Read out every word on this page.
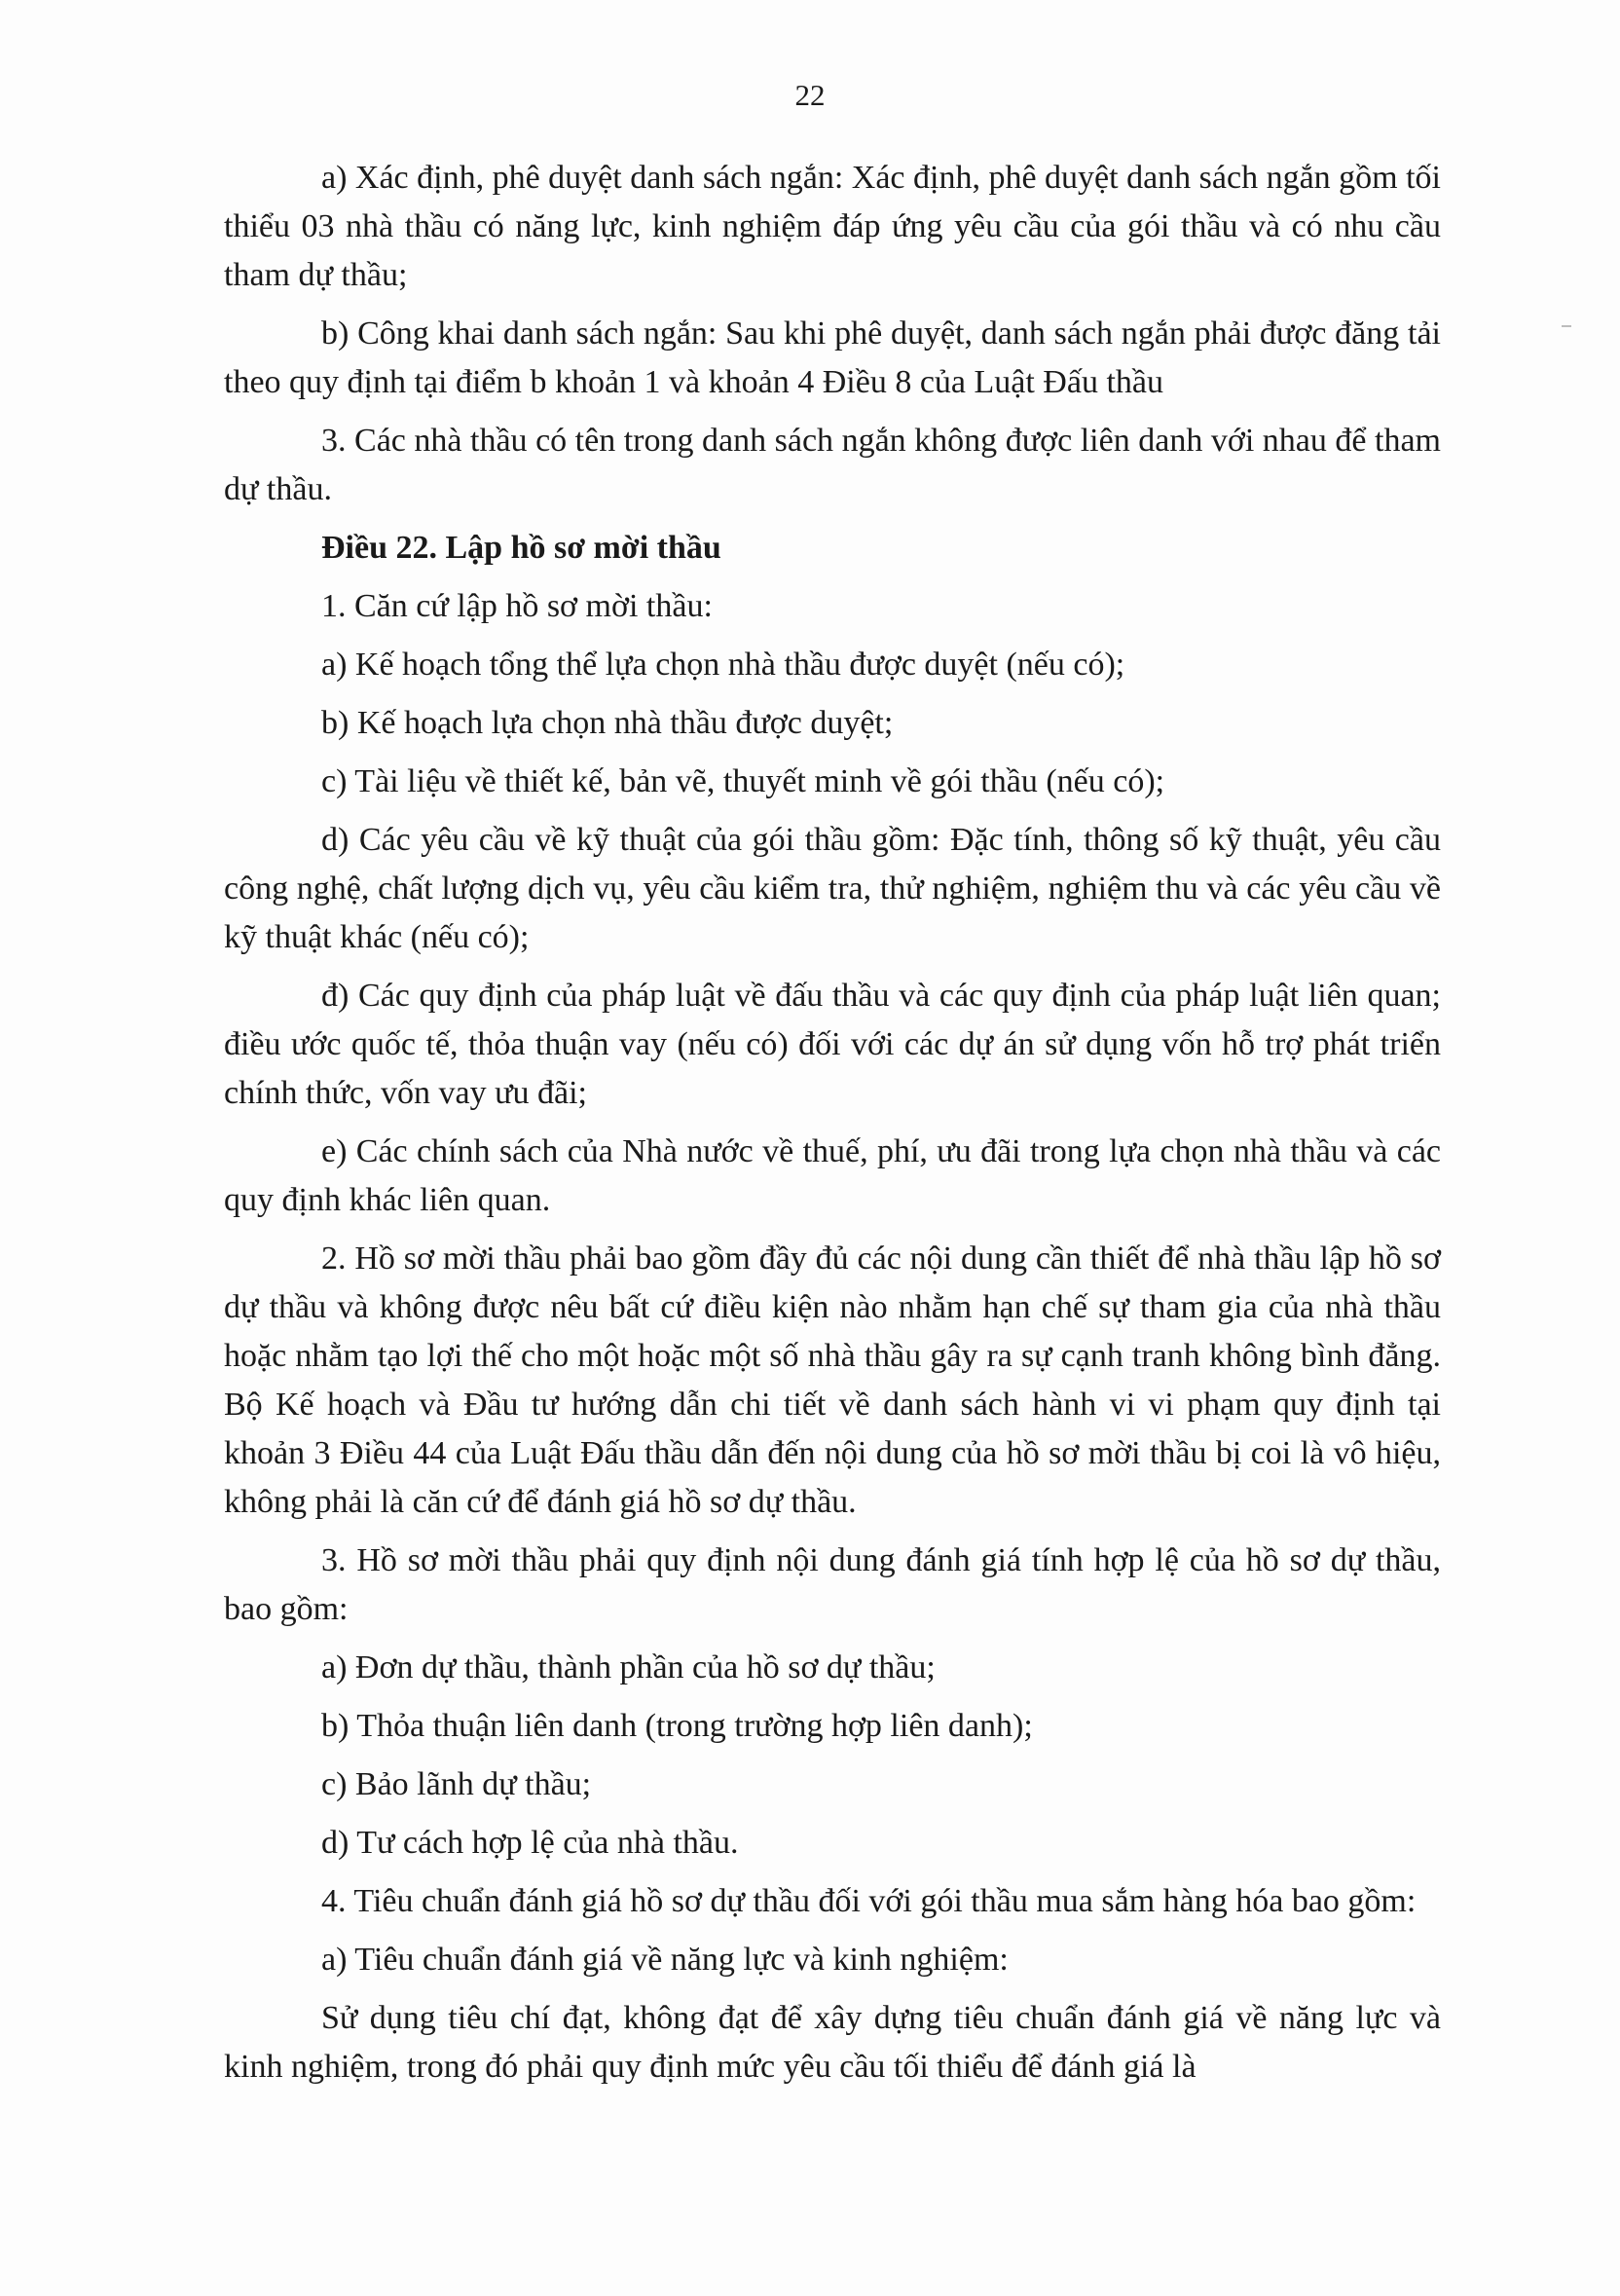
22

a) Xác định, phê duyệt danh sách ngắn: Xác định, phê duyệt danh sách ngắn gồm tối thiểu 03 nhà thầu có năng lực, kinh nghiệm đáp ứng yêu cầu của gói thầu và có nhu cầu tham dự thầu;

b) Công khai danh sách ngắn: Sau khi phê duyệt, danh sách ngắn phải được đăng tải theo quy định tại điểm b khoản 1 và khoản 4 Điều 8 của Luật Đấu thầu

3. Các nhà thầu có tên trong danh sách ngắn không được liên danh với nhau để tham dự thầu.

Điều 22. Lập hồ sơ mời thầu

1. Căn cứ lập hồ sơ mời thầu:

a) Kế hoạch tổng thể lựa chọn nhà thầu được duyệt (nếu có);

b) Kế hoạch lựa chọn nhà thầu được duyệt;

c) Tài liệu về thiết kế, bản vẽ, thuyết minh về gói thầu (nếu có);

d) Các yêu cầu về kỹ thuật của gói thầu gồm: Đặc tính, thông số kỹ thuật, yêu cầu công nghệ, chất lượng dịch vụ, yêu cầu kiểm tra, thử nghiệm, nghiệm thu và các yêu cầu về kỹ thuật khác (nếu có);

đ) Các quy định của pháp luật về đấu thầu và các quy định của pháp luật liên quan; điều ước quốc tế, thỏa thuận vay (nếu có) đối với các dự án sử dụng vốn hỗ trợ phát triển chính thức, vốn vay ưu đãi;

e) Các chính sách của Nhà nước về thuế, phí, ưu đãi trong lựa chọn nhà thầu và các quy định khác liên quan.

2. Hồ sơ mời thầu phải bao gồm đầy đủ các nội dung cần thiết để nhà thầu lập hồ sơ dự thầu và không được nêu bất cứ điều kiện nào nhằm hạn chế sự tham gia của nhà thầu hoặc nhằm tạo lợi thế cho một hoặc một số nhà thầu gây ra sự cạnh tranh không bình đẳng. Bộ Kế hoạch và Đầu tư hướng dẫn chi tiết về danh sách hành vi vi phạm quy định tại khoản 3 Điều 44 của Luật Đấu thầu dẫn đến nội dung của hồ sơ mời thầu bị coi là vô hiệu, không phải là căn cứ để đánh giá hồ sơ dự thầu.

3. Hồ sơ mời thầu phải quy định nội dung đánh giá tính hợp lệ của hồ sơ dự thầu, bao gồm:

a) Đơn dự thầu, thành phần của hồ sơ dự thầu;

b) Thỏa thuận liên danh (trong trường hợp liên danh);

c) Bảo lãnh dự thầu;

d) Tư cách hợp lệ của nhà thầu.

4. Tiêu chuẩn đánh giá hồ sơ dự thầu đối với gói thầu mua sắm hàng hóa bao gồm:

a) Tiêu chuẩn đánh giá về năng lực và kinh nghiệm:

Sử dụng tiêu chí đạt, không đạt để xây dựng tiêu chuẩn đánh giá về năng lực và kinh nghiệm, trong đó phải quy định mức yêu cầu tối thiểu để đánh giá là
